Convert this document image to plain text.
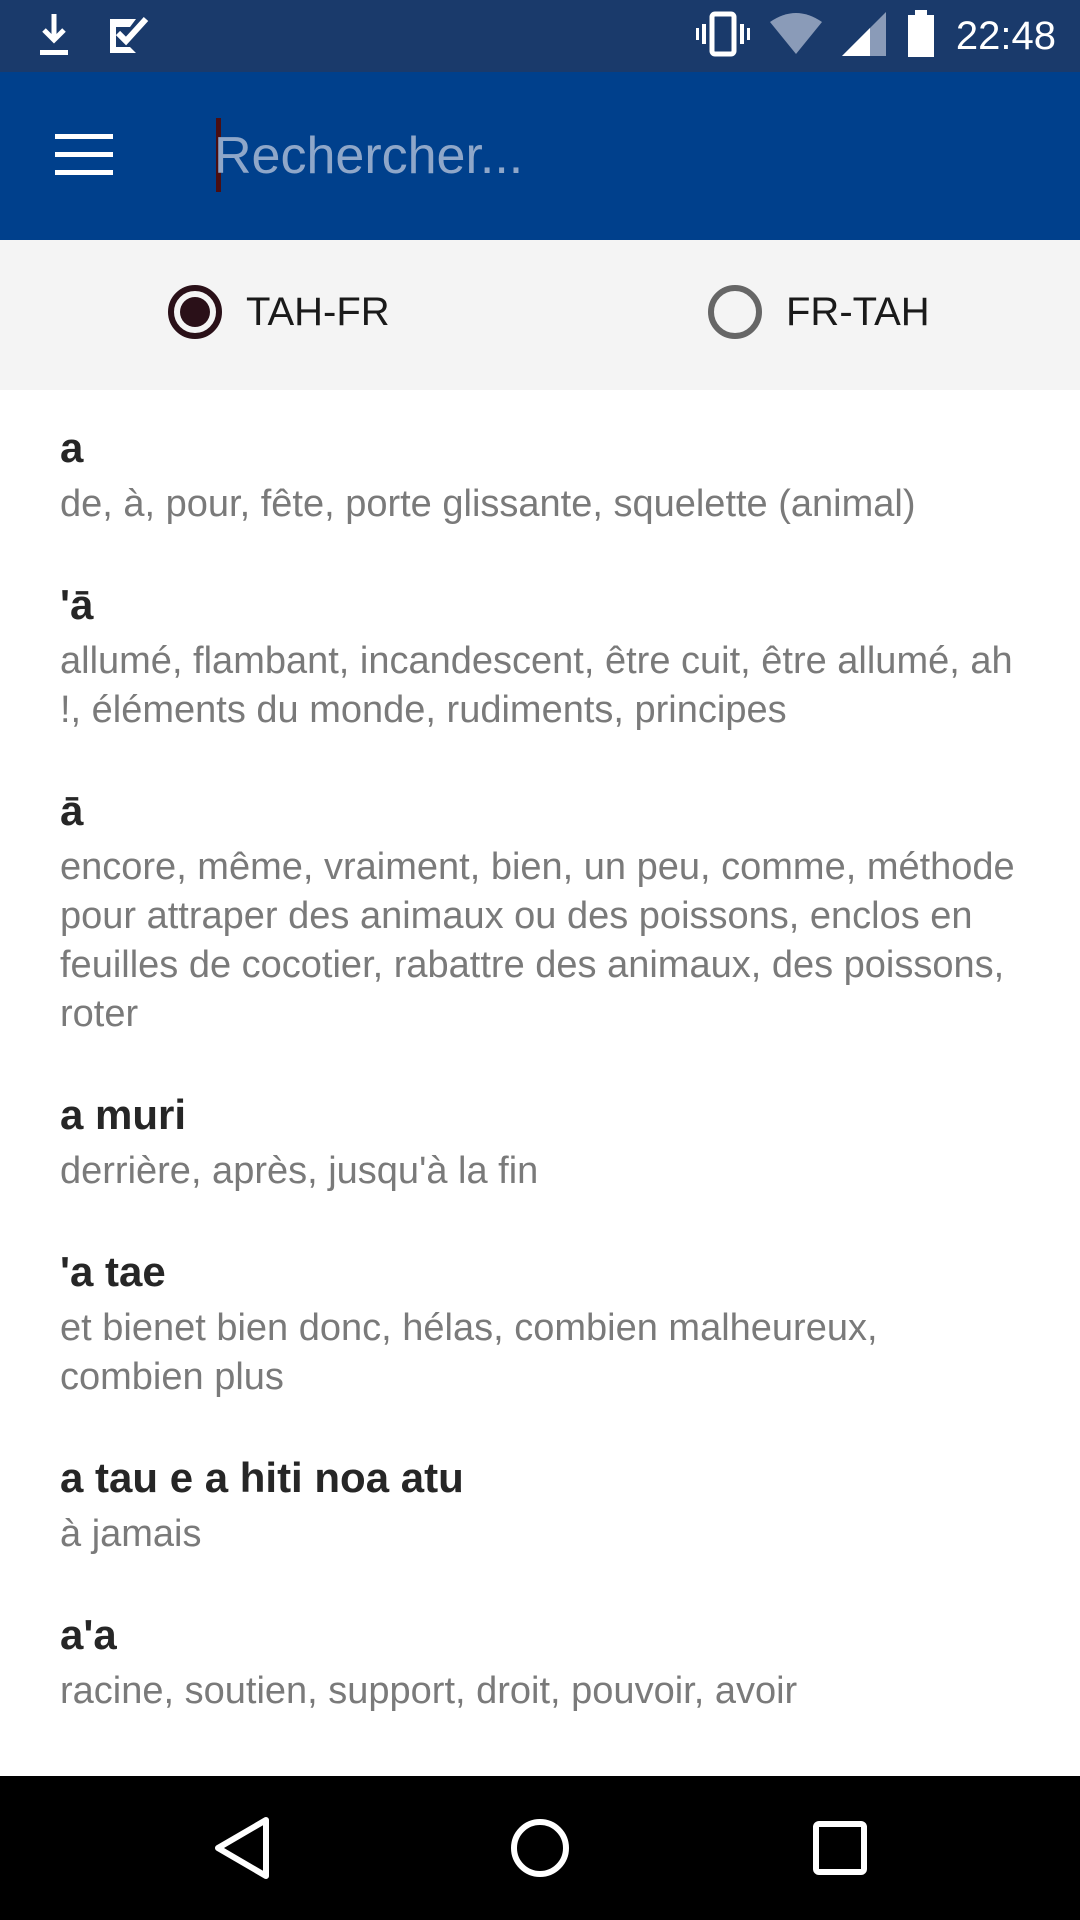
22:48
Rechercher...
TAH-FR	FR-TAH
a
de, à, pour, fête, porte glissante, squelette (animal)
'ā
allumé, flambant, incandescent, être cuit, être allumé, ah !, éléments du monde, rudiments, principes
ā
encore, même, vraiment, bien, un peu, comme, méthode pour attraper des animaux ou des poissons, enclos en feuilles de cocotier, rabattre des animaux, des poissons, roter
a muri
derrière, après, jusqu'à la fin
'a tae
et bienet bien donc, hélas, combien malheureux, combien plus
a tau e a hiti noa atu
à jamais
a'a
racine, soutien, support, droit, pouvoir, avoir
